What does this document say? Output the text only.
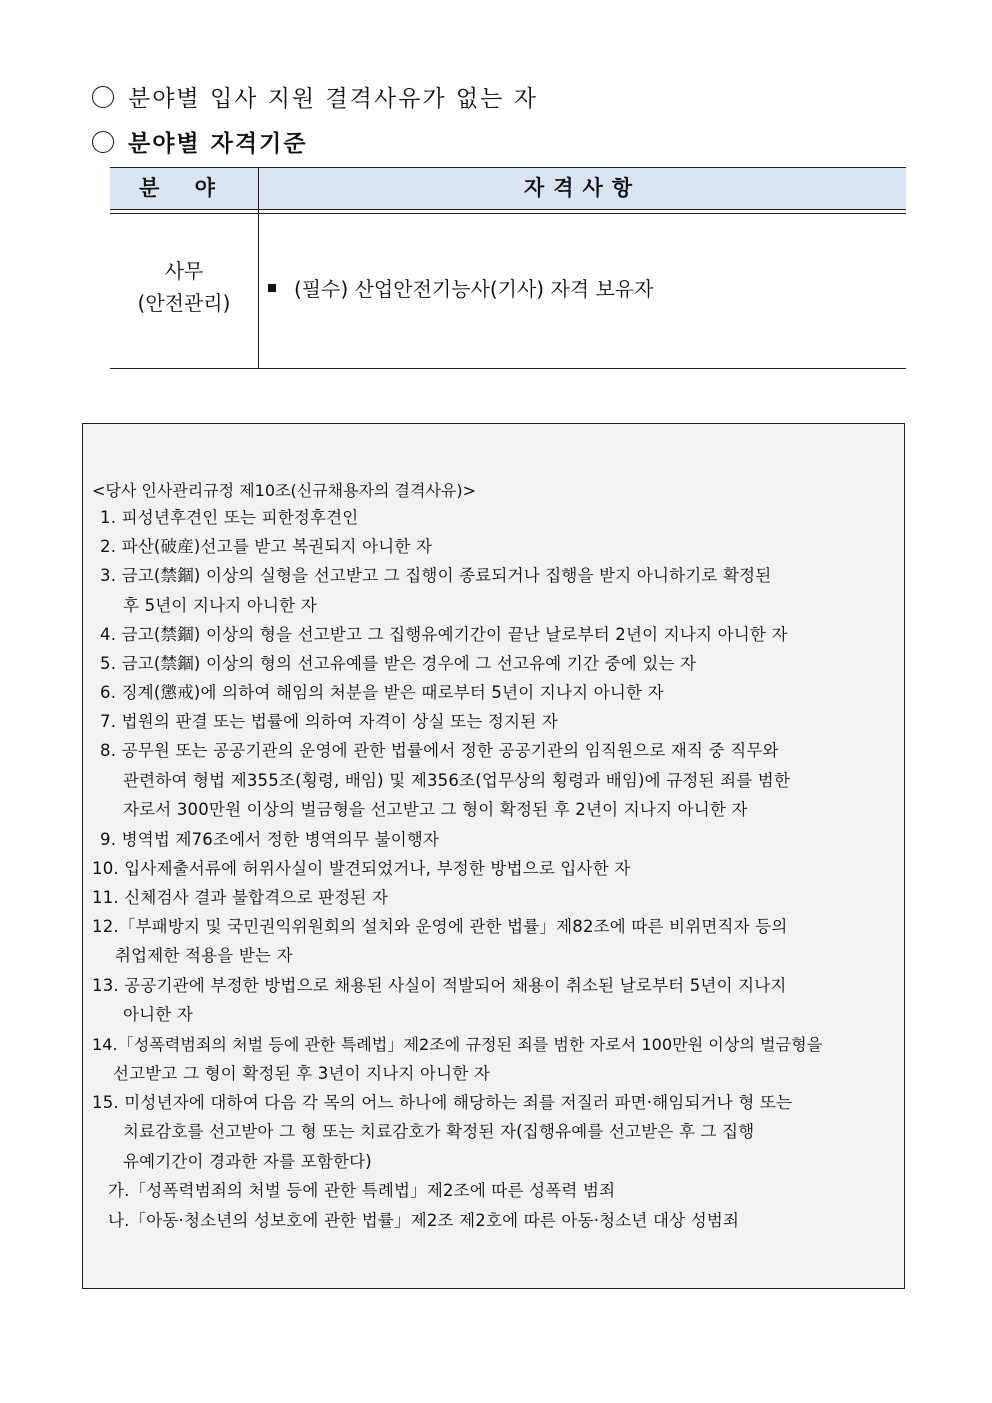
분야별 입사 지원 결격사유가 없는 자
분야별 자격기준
분 야	자격사항
사무
(안전관리)
(필수) 산업안전기능사(기사) 자격 보유자
<당사 인사관리규정 제10조(신규채용자의 결격사유)>
1. 피성년후견인 또는 피한정후견인
2. 파산(破産)선고를 받고 복권되지 아니한 자
3. 금고(禁錮) 이상의 실형을 선고받고 그 집행이 종료되거나 집행을 받지 아니하기로 확정된
후 5년이 지나지 아니한 자
4. 금고(禁錮) 이상의 형을 선고받고 그 집행유예기간이 끝난 날로부터 2년이 지나지 아니한 자
5. 금고(禁錮) 이상의 형의 선고유예를 받은 경우에 그 선고유예 기간 중에 있는 자
6. 징계(懲戒)에 의하여 해임의 처분을 받은 때로부터 5년이 지나지 아니한 자
7. 법원의 판결 또는 법률에 의하여 자격이 상실 또는 정지된 자
8. 공무원 또는 공공기관의 운영에 관한 법률에서 정한 공공기관의 임직원으로 재직 중 직무와
관련하여 형법 제355조(횡령, 배임) 및 제356조(업무상의 횡령과 배임)에 규정된 죄를 범한
자로서 300만원 이상의 벌금형을 선고받고 그 형이 확정된 후 2년이 지나지 아니한 자
9. 병역법 제76조에서 정한 병역의무 불이행자
10. 입사제출서류에 허위사실이 발견되었거나, 부정한 방법으로 입사한 자
11. 신체검사 결과 불합격으로 판정된 자
12.「부패방지 및 국민권익위원회의 설치와 운영에 관한 법률」제82조에 따른 비위면직자 등의
취업제한 적용을 받는 자
13. 공공기관에 부정한 방법으로 채용된 사실이 적발되어 채용이 취소된 날로부터 5년이 지나지
아니한 자
14.「성폭력범죄의 처벌 등에 관한 특례법」제2조에 규정된 죄를 범한 자로서 100만원 이상의 벌금형을
선고받고 그 형이 확정된 후 3년이 지나지 아니한 자
15. 미성년자에 대하여 다음 각 목의 어느 하나에 해당하는 죄를 저질러 파면·해임되거나 형 또는
치료감호를 선고받아 그 형 또는 치료감호가 확정된 자(집행유예를 선고받은 후 그 집행
유예기간이 경과한 자를 포함한다)
가.「성폭력범죄의 처벌 등에 관한 특례법」제2조에 따른 성폭력 범죄
나.「아동·청소년의 성보호에 관한 법률」제2조 제2호에 따른 아동·청소년 대상 성범죄
